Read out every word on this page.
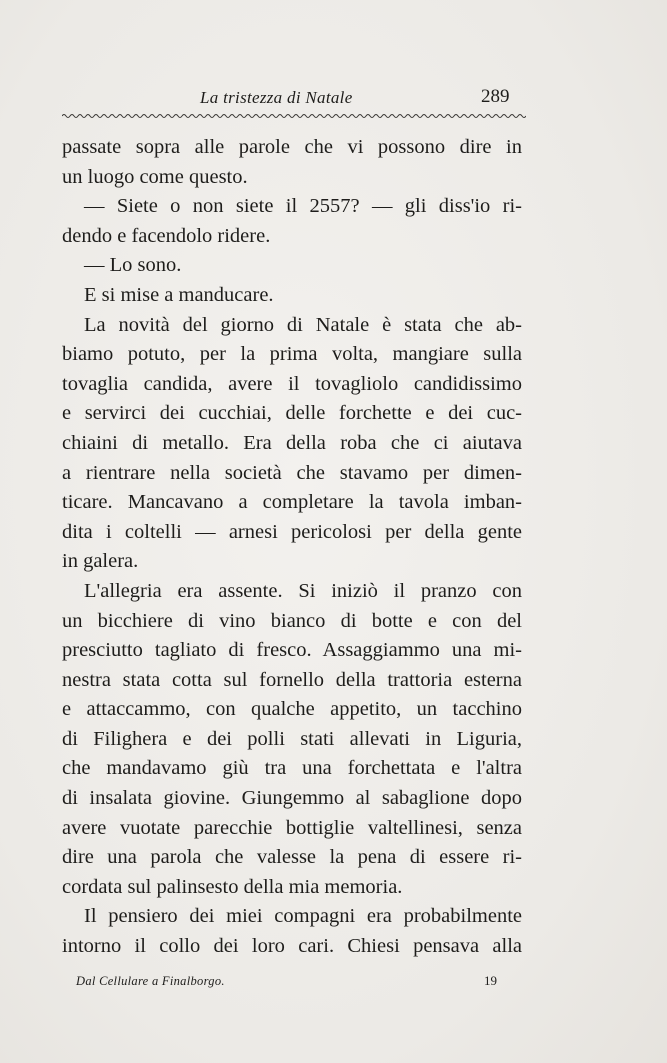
La tristezza di Natale	289
passate sopra alle parole che vi possono dire in
un luogo come questo.
— Siete o non siete il 2557? — gli diss'io ri-
dendo e facendolo ridere.
— Lo sono.
E si mise a manducare.
La novità del giorno di Natale è stata che ab-
biamo potuto, per la prima volta, mangiare sulla
tovaglia candida, avere il tovagliolo candidissimo
e servirci dei cucchiai, delle forchette e dei cuc-
chiaini di metallo. Era della roba che ci aiutava
a rientrare nella società che stavamo per dimen-
ticare. Mancavano a completare la tavola imban-
dita i coltelli — arnesi pericolosi per della gente
in galera.
L'allegria era assente. Si iniziò il pranzo con
un bicchiere di vino bianco di botte e con del
presciutto tagliato di fresco. Assaggiammo una mi-
nestra stata cotta sul fornello della trattoria esterna
e attaccammo, con qualche appetito, un tacchino
di Filighera e dei polli stati allevati in Liguria,
che mandavamo giù tra una forchettata e l'altra
di insalata giovine. Giungemmo al sabaglione dopo
avere vuotate parecchie bottiglie valtellinesi, senza
dire una parola che valesse la pena di essere ri-
cordata sul palinsesto della mia memoria.
Il pensiero dei miei compagni era probabilmente
intorno il collo dei loro cari. Chiesi pensava alla
Dal Cellulare a Finalborgo.	19
